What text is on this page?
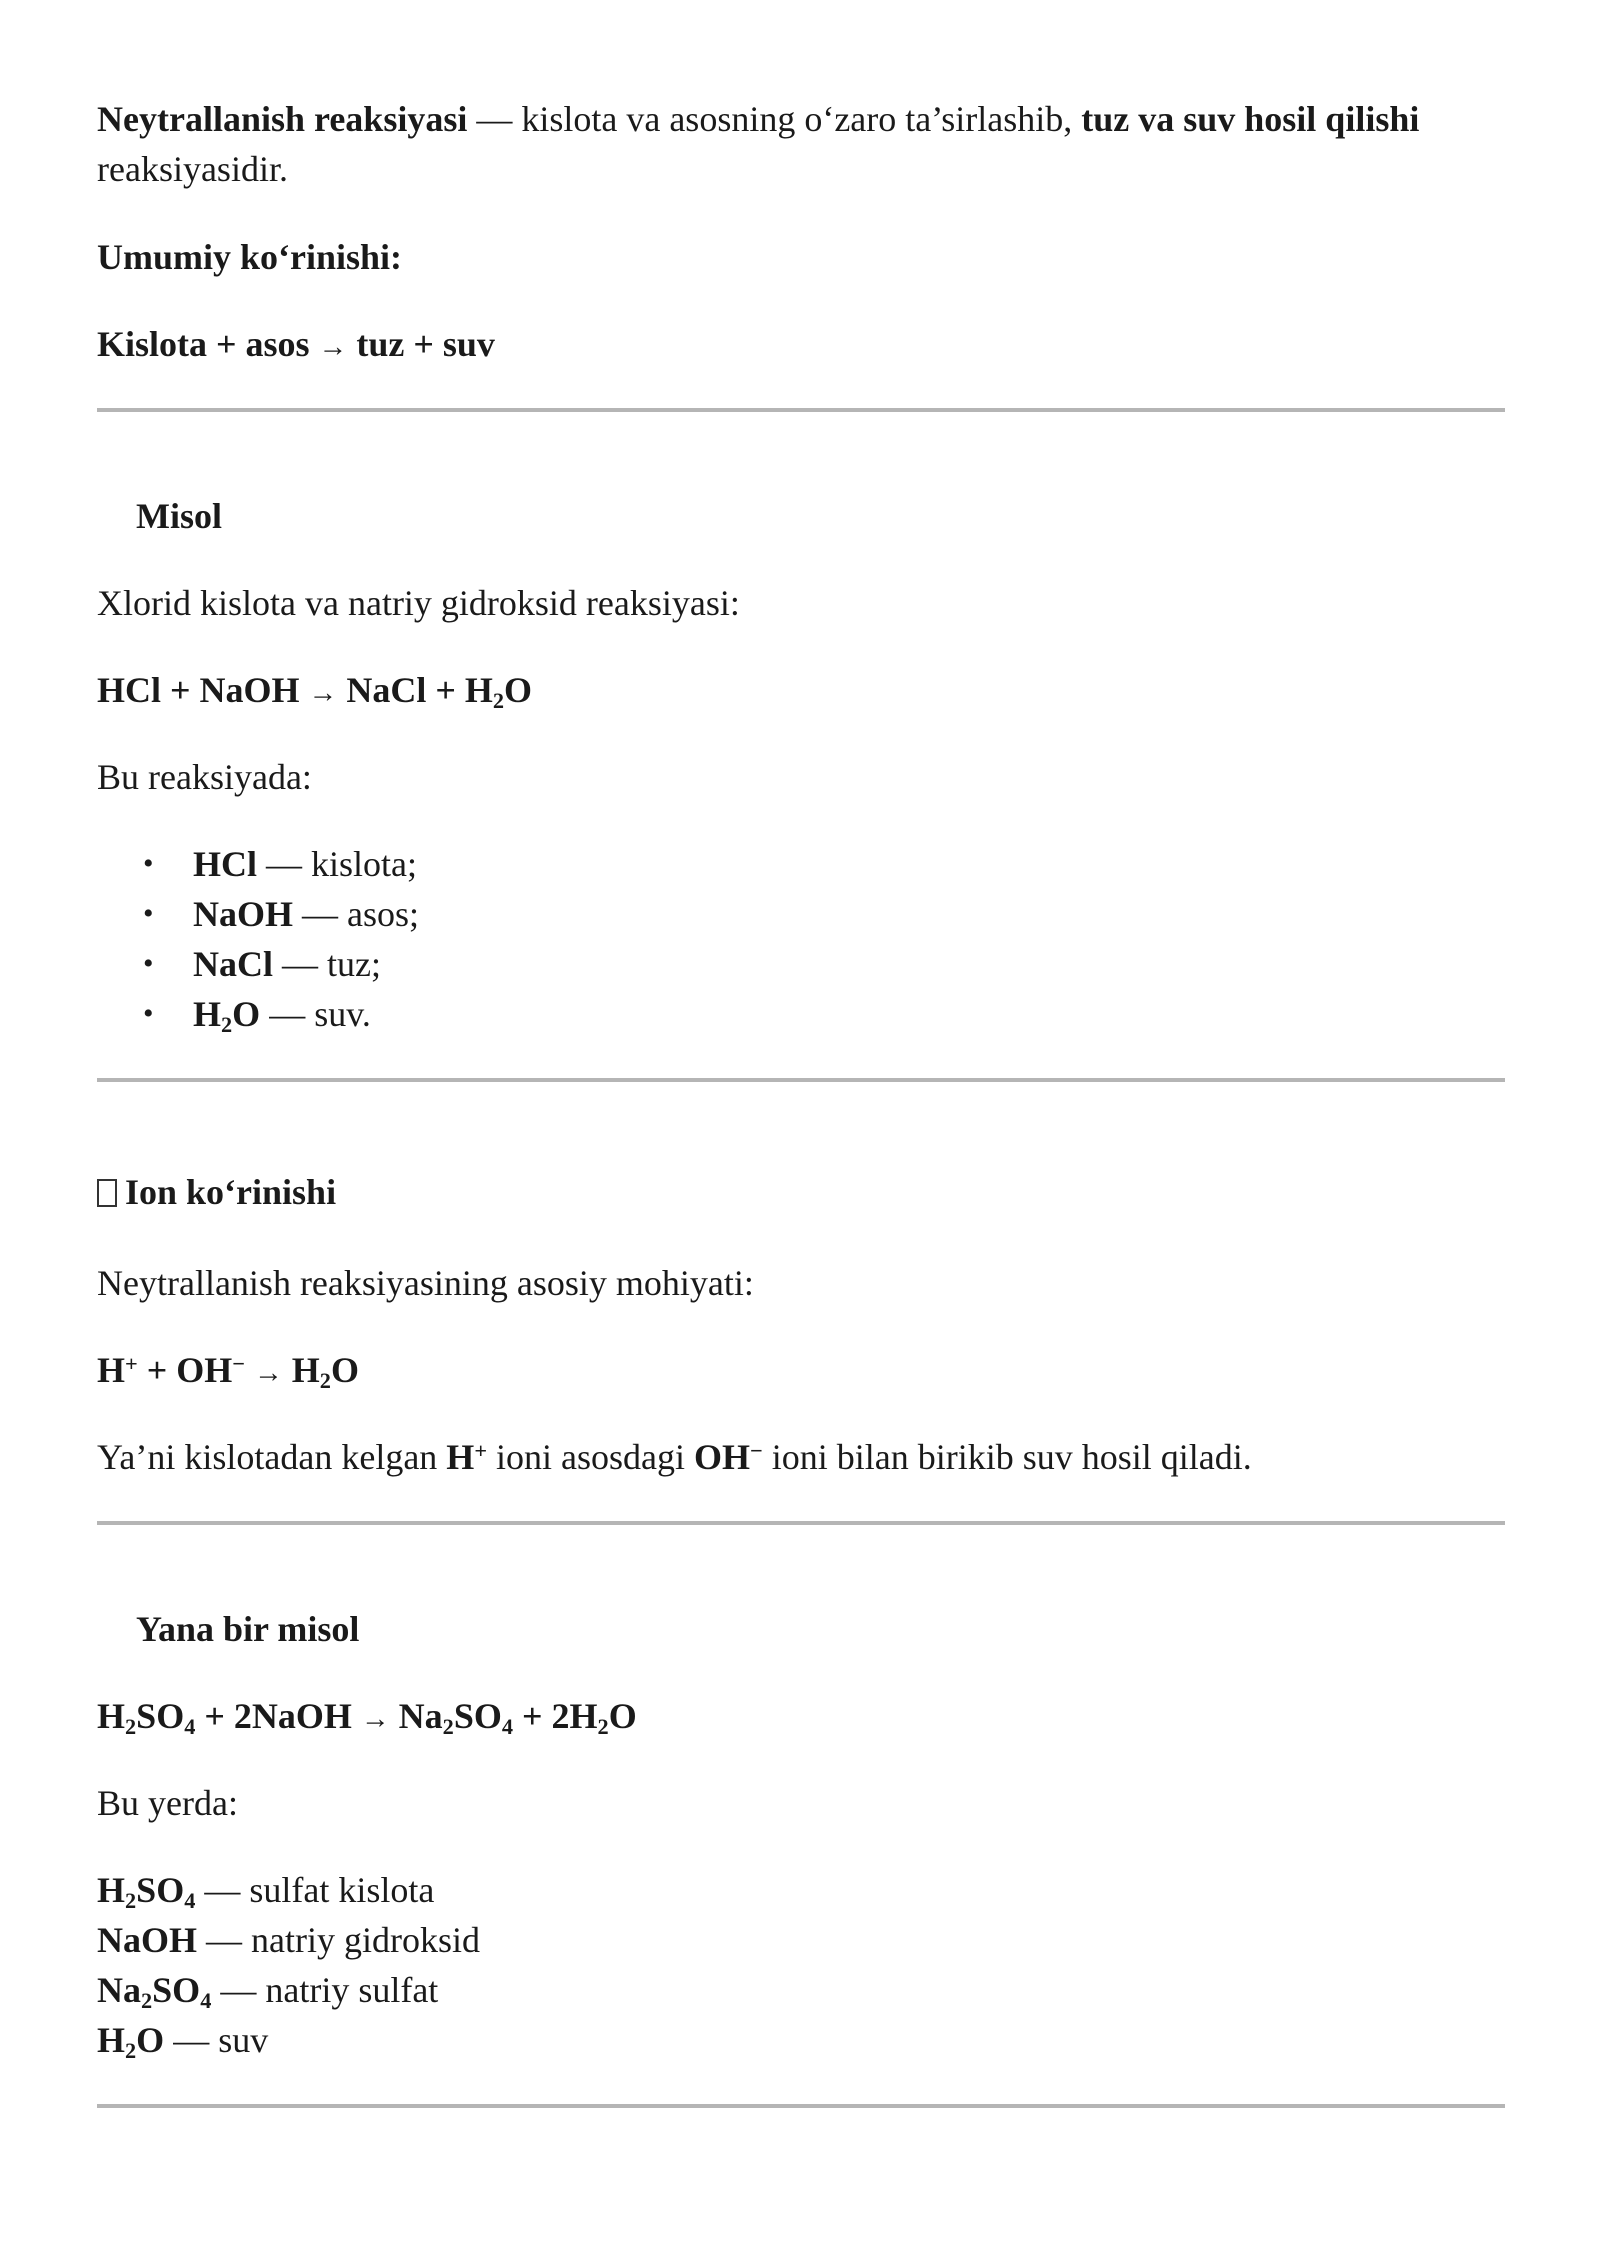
Neytrallanish reaksiyasi — kislota va asosning o‘zaro ta’sirlashib, tuz va suv hosil qilishi
reaksiyasidir.

Umumiy ko‘rinishi:

Kislota + asos → tuz + suv

Misol

Xlorid kislota va natriy gidroksid reaksiyasi:

HCl + NaOH → NaCl + $H_2O$

Bu reaksiyada:

• HCl — kislota;
• NaOH — asos;
• NaCl — tuz;
• $H_2O$ — suv.

Ion ko‘rinishi

Neytrallanish reaksiyasining asosiy mohiyati:

$H^+ + OH^- \to H_2O$

Ya’ni kislotadan kelgan H+ ioni asosdagi OH− ioni bilan birikib suv hosil qiladi.

Yana bir misol

$H_2SO_4$ + 2NaOH → $Na_2SO_4 + 2H_2O$

Bu yerda:

$H_2SO_4$ — sulfat kislota
NaOH — natriy gidroksid
$Na_2SO_4$ — natriy sulfat
$H_2O$ — suv
